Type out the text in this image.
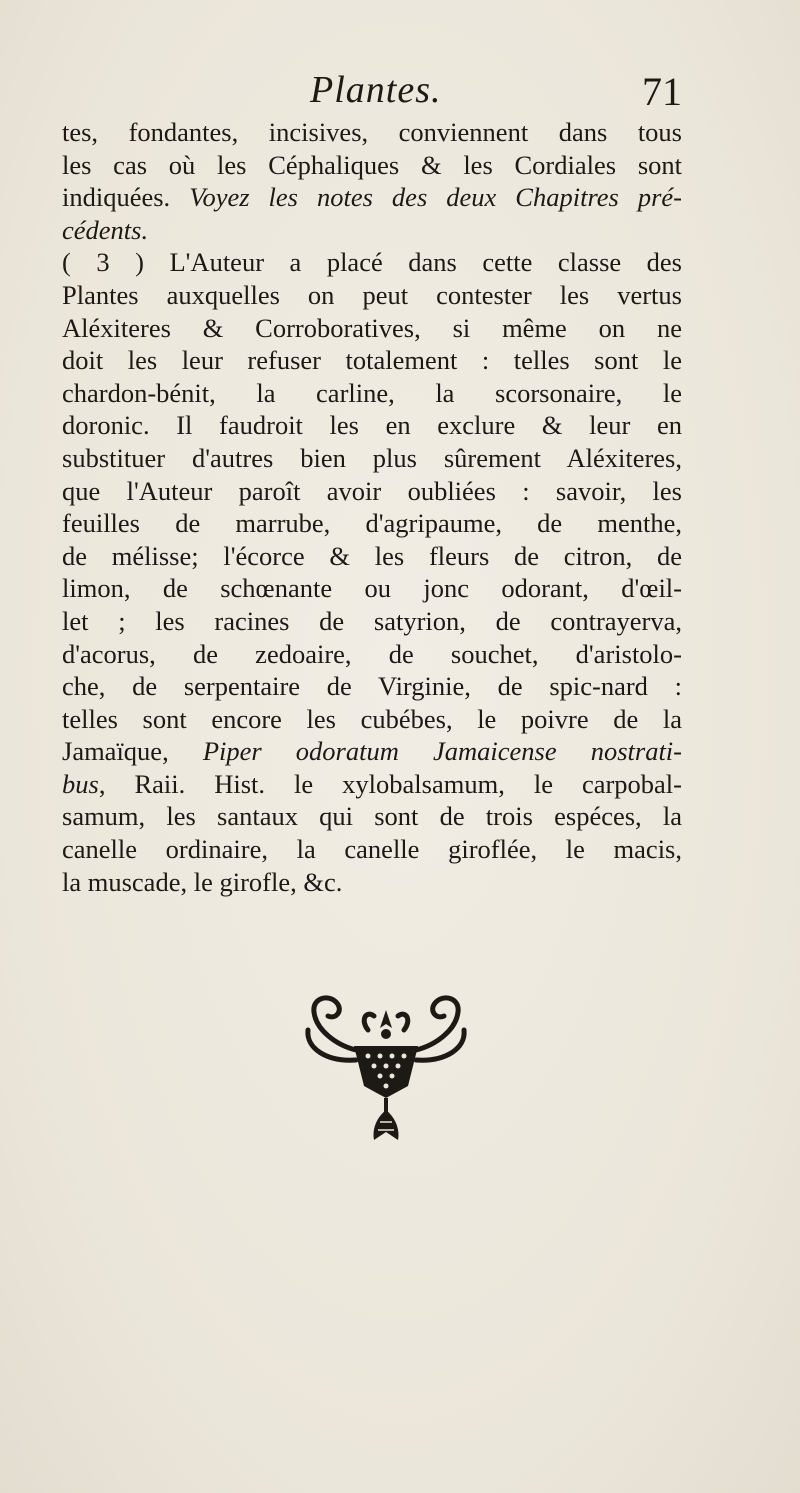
Plantes.	71
tes, fondantes, incisives, conviennent dans tous
les cas où les Céphaliques & les Cordiales sont
indiquées. Voyez les notes des deux Chapitres pré-
cédents.
( 3 ) L'Auteur a placé dans cette classe des
Plantes auxquelles on peut contester les vertus
Aléxiteres & Corroboratives, si même on ne
doit les leur refuser totalement : telles sont le
chardon-bénit, la carline, la scorsonaire, le
doronic. Il faudroit les en exclure & leur en
substituer d'autres bien plus sûrement Aléxiteres,
que l'Auteur paroît avoir oubliées : savoir, les
feuilles de marrube, d'agripaume, de menthe,
de mélisse; l'écorce & les fleurs de citron, de
limon, de schœnante ou jonc odorant, d'œil-
let ; les racines de satyrion, de contrayerva,
d'acorus, de zedoaire, de souchet, d'aristolo-
che, de serpentaire de Virginie, de spic-nard :
telles sont encore les cubébes, le poivre de la
Jamaïque, Piper odoratum Jamaicense nostrati-
bus, Raii. Hist. le xylobalsamum, le carpobal-
samum, les santaux qui sont de trois espéces, la
canelle ordinaire, la canelle giroflée, le macis,
la muscade, le girofle, &c.
